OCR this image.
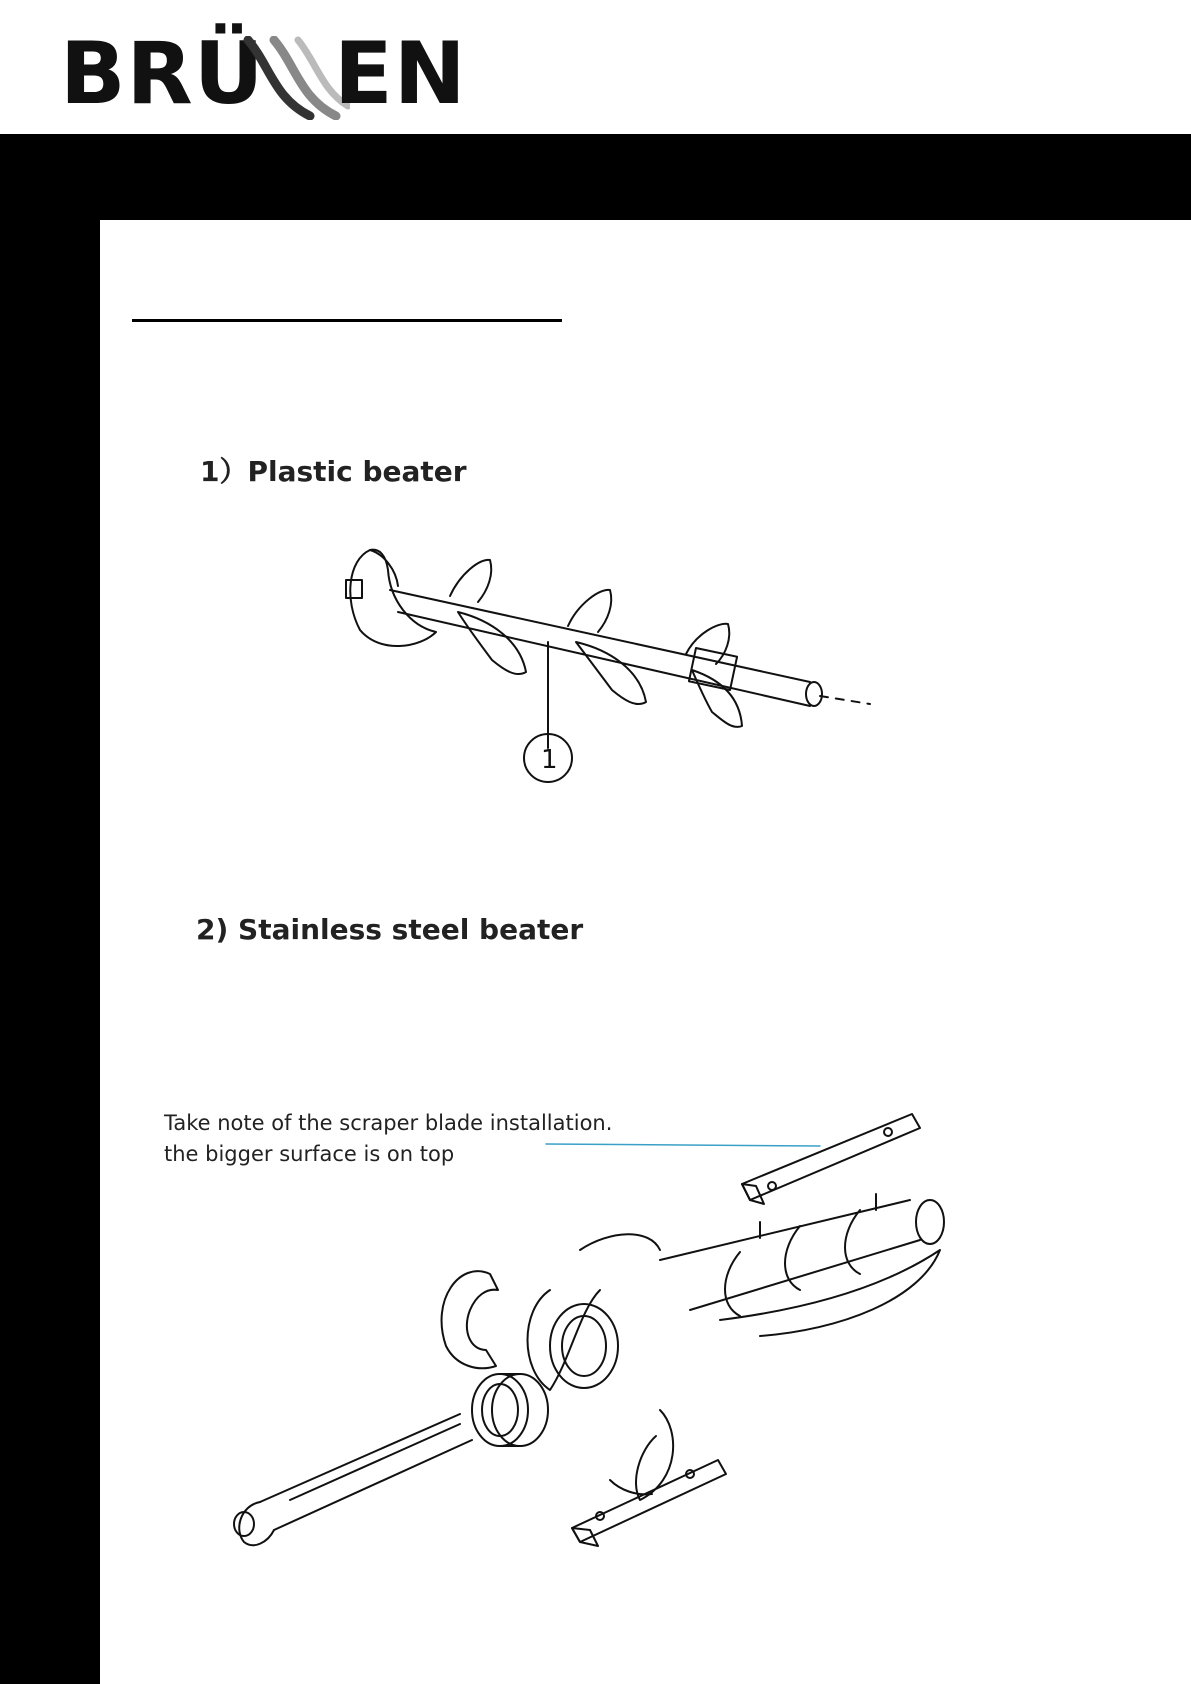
BRÜ EN
1）Plastic beater
1
2) Stainless steel beater
Take note of the scraper blade installation.
the bigger surface is on top
